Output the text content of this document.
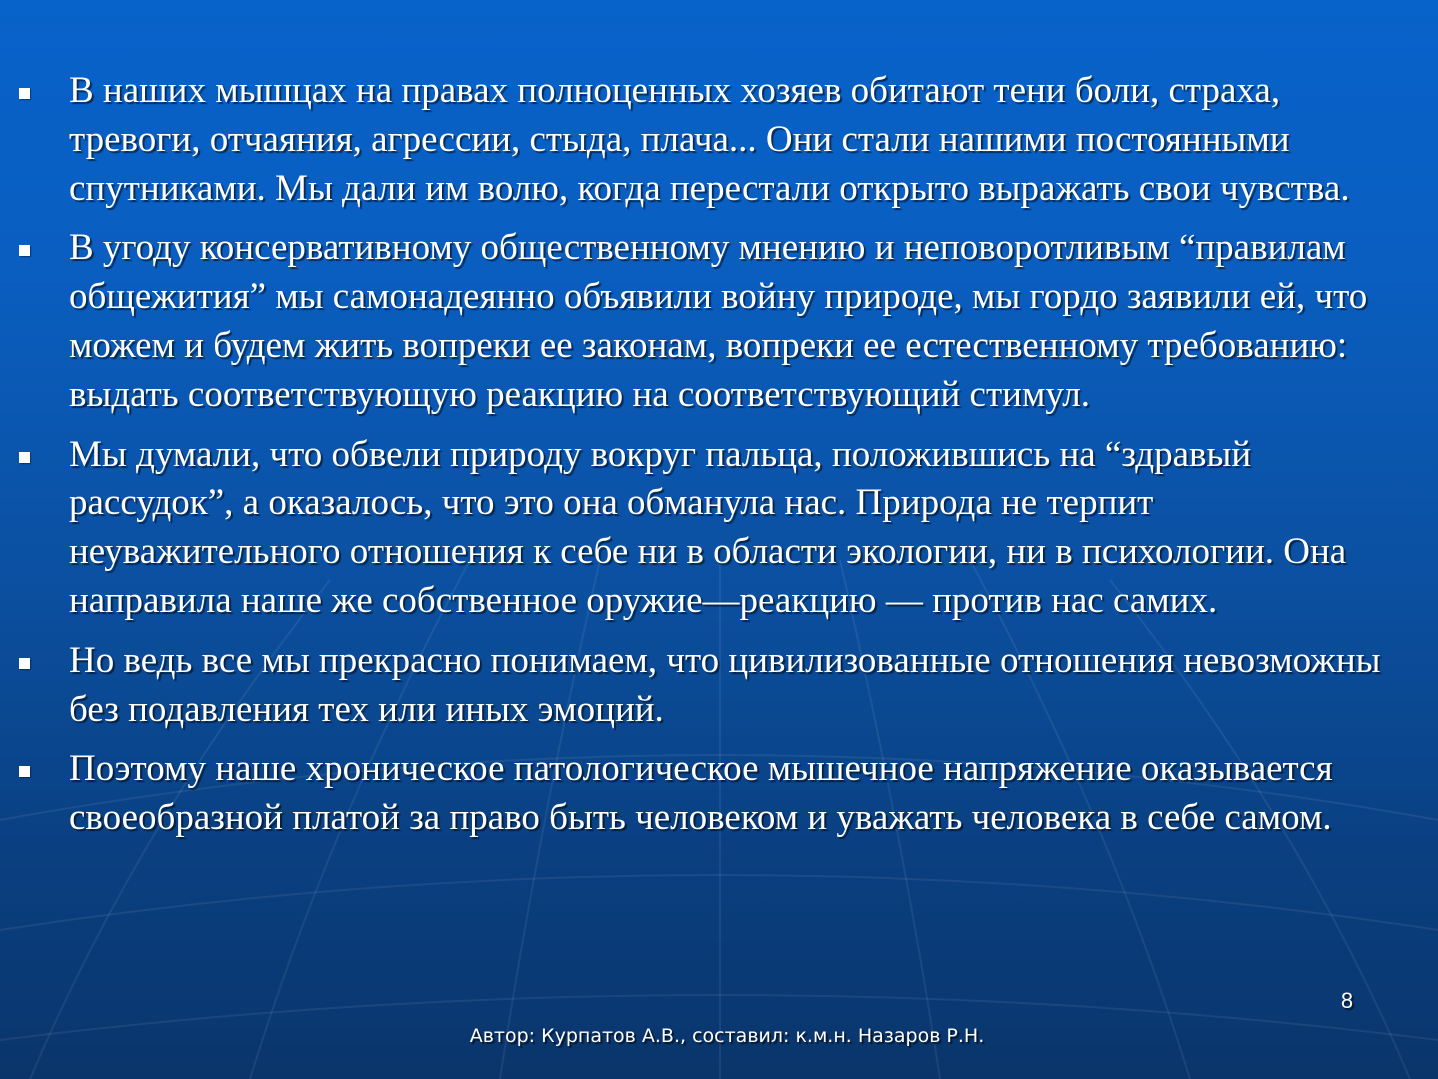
В наших мышцах на правах полноценных хозяев обитают тени боли, страха, тревоги, отчаяния, агрессии, стыда, плача... Они стали нашими постоянными спутниками. Мы дали им волю, когда перестали открыто выражать свои чувства.
В угоду консервативному общественному мнению и неповоротливым “правилам общежития” мы самонадеянно объявили войну природе, мы гордо заявили ей, что можем и будем жить вопреки ее законам, вопреки ее естественному требованию: выдать соответствующую реакцию на соответствующий стимул.
Мы думали, что обвели природу вокруг пальца, положившись на “здравый рассудок”, а оказалось, что это она обманула нас. Природа не терпит неуважительного отношения к себе ни в области экологии, ни в психологии. Она направила наше же собственное оружие—реакцию — против нас самих.
Но ведь все мы прекрасно понимаем, что цивилизованные отношения невозможны без подавления тех или иных эмоций.
Поэтому наше хроническое патологическое мышечное напряжение оказывается своеобразной платой за право быть человеком и уважать человека в себе самом.
8
Автор: Курпатов А.В., составил: к.м.н. Назаров Р.Н.
